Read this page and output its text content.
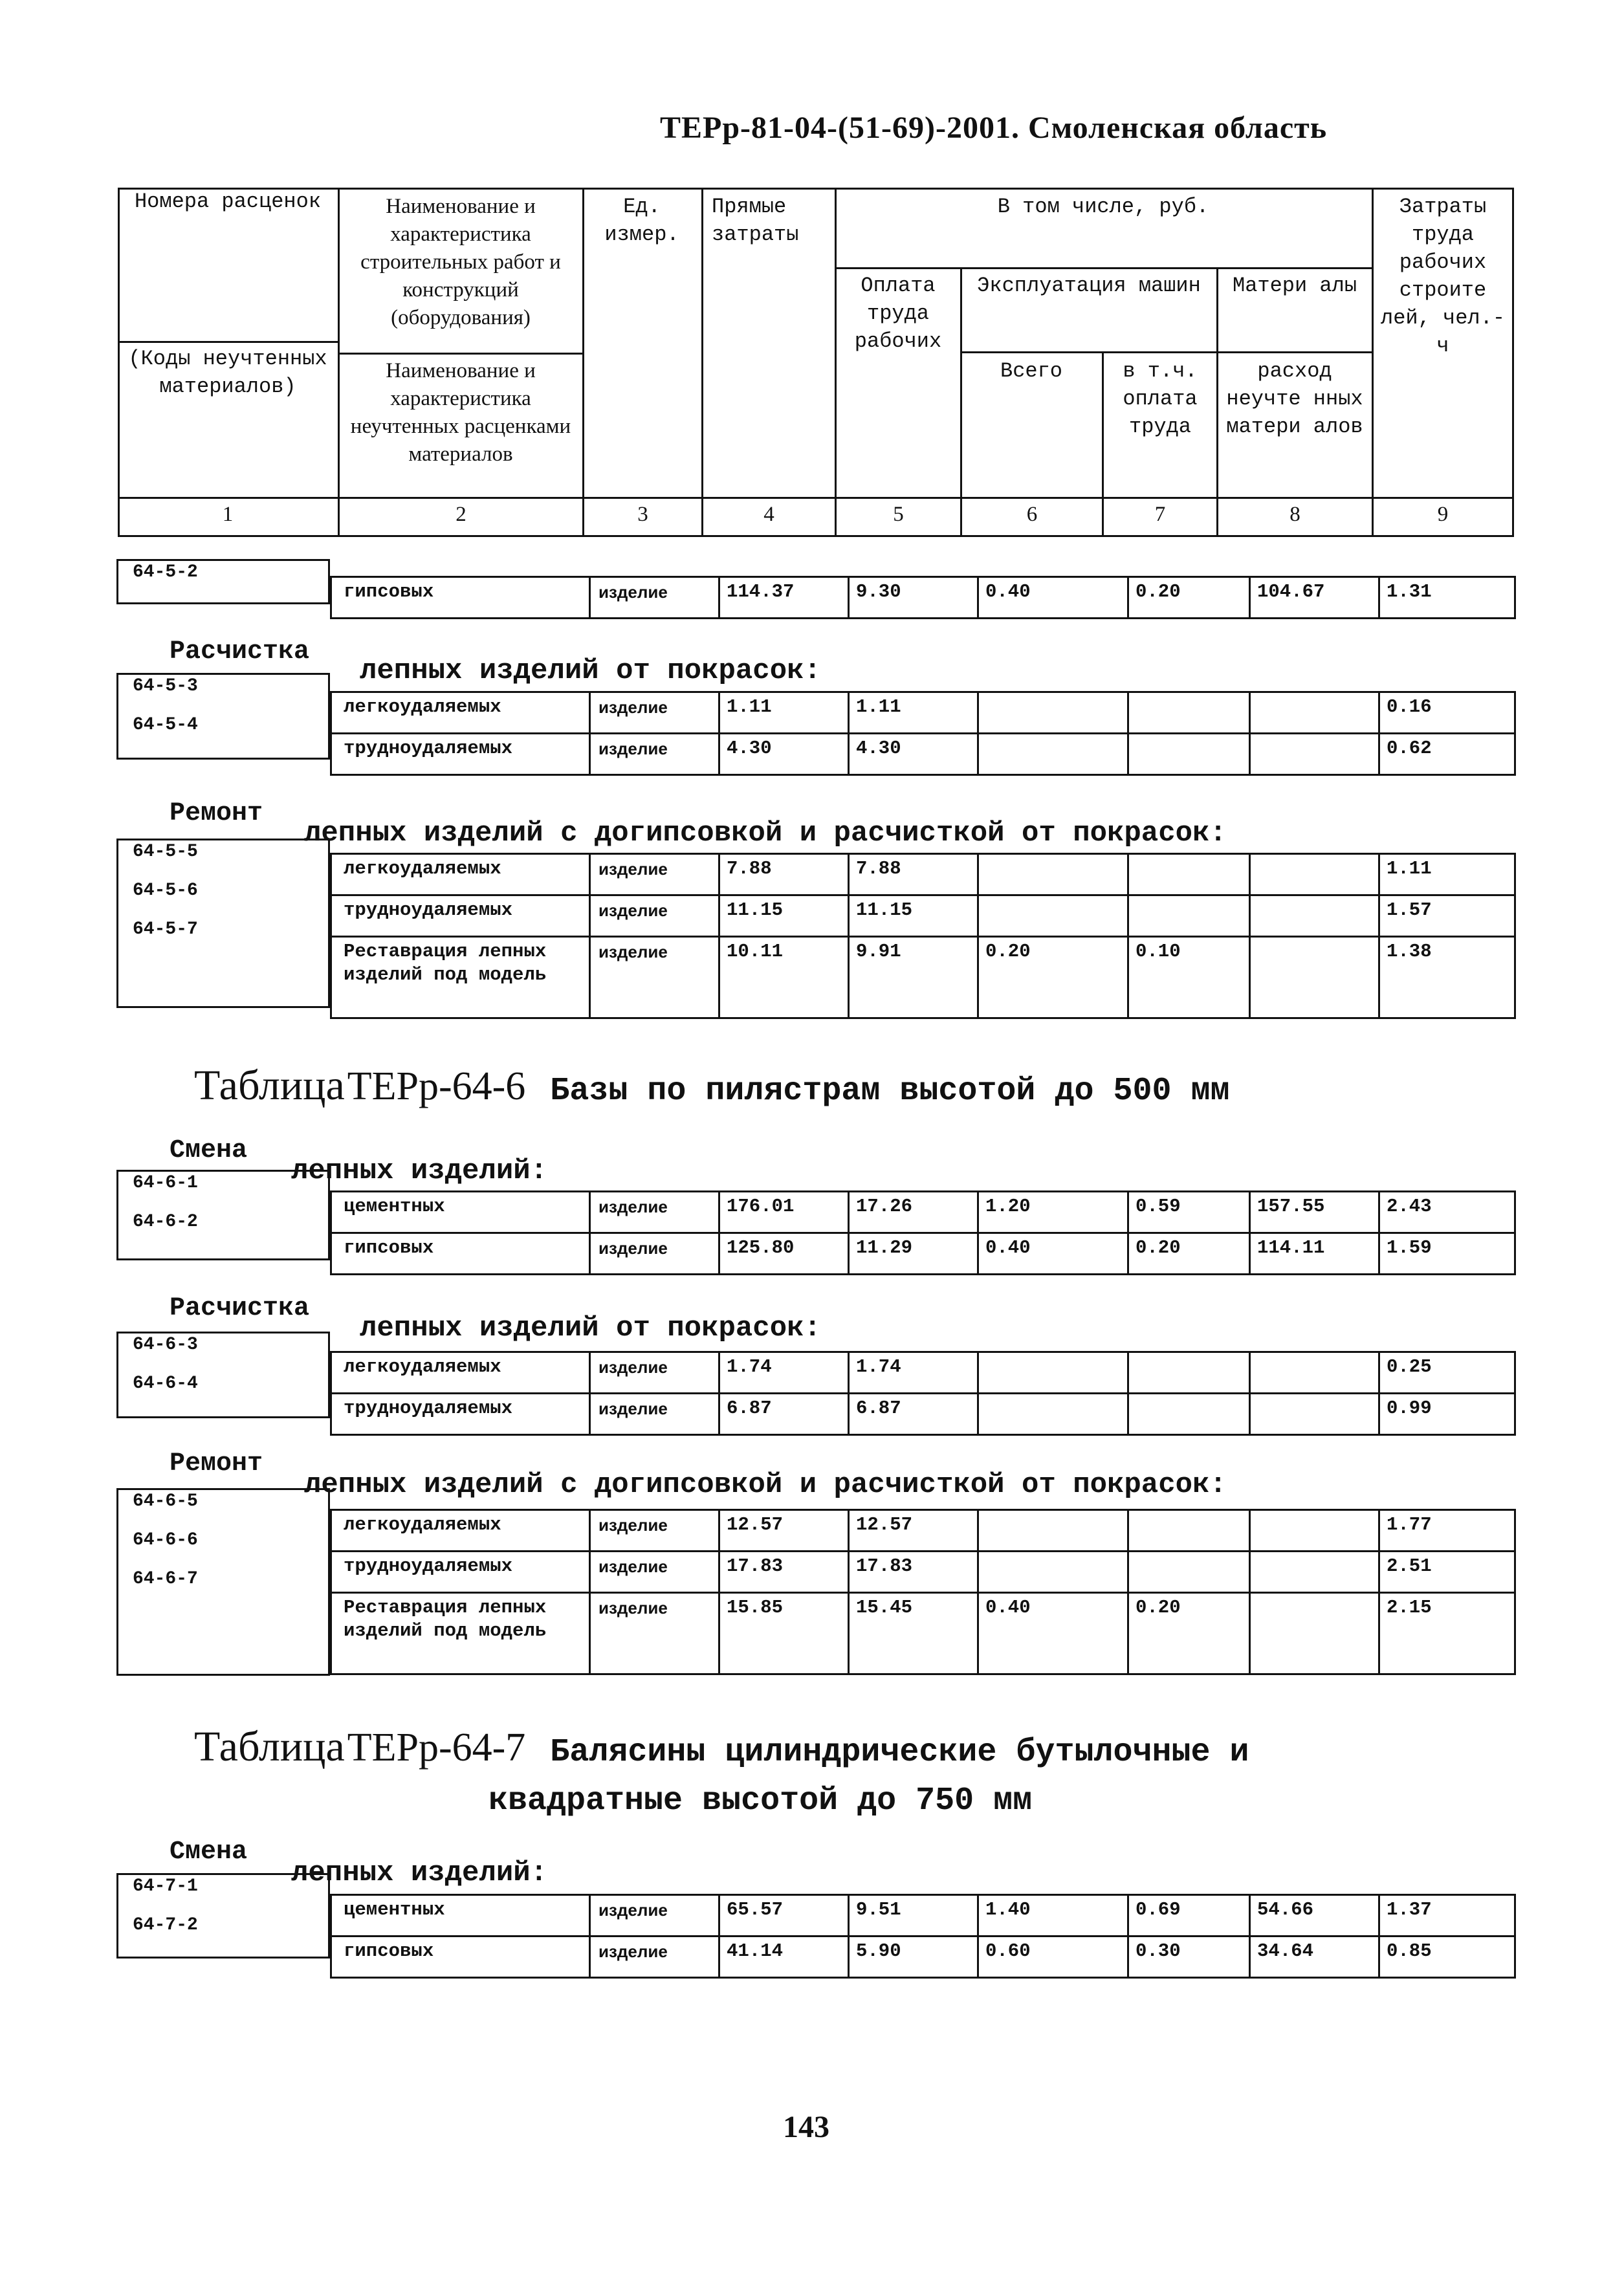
ТЕРр-81-04-(51-69)-2001. Смоленская область
Номера расценок
(Коды неучтенных материалов)
Наименование и характеристика строительных работ и конструкций (оборудования)
Наименование и характеристика неучтенных расценками материалов
Ед. измер.
Прямые затраты
В том числе, руб.
Оплата труда рабочих
Эксплуатация машин
Всего	в т.ч. оплата труда
Матери алы
расход неучте нных матери алов
Затраты труда рабочих строите лей, чел.-ч
1	2	3	4	5	6	7	8	9
64-5-2
гипсовых	изделие	114.37	9.30	0.40	0.20	104.67	1.31
Расчистка
лепных изделий от покрасок:
64-5-3
64-5-4
легкоудаляемых	изделие	1.11	1.11				0.16
трудноудаляемых	изделие	4.30	4.30				0.62
Ремонт
лепных изделий с догипсовкой и расчисткой от покрасок:
64-5-5
64-5-6
64-5-7
легкоудаляемых	изделие	7.88	7.88				1.11
трудноудаляемых	изделие	11.15	11.15				1.57
Реставрация лепных изделий под модель	изделие	10.11	9.91	0.20	0.10		1.38
Таблица ТЕРр-64-6 Базы по пилястрам высотой до 500 мм
Смена
лепных изделий:
64-6-1
64-6-2
цементных	изделие	176.01	17.26	1.20	0.59	157.55	2.43
гипсовых	изделие	125.80	11.29	0.40	0.20	114.11	1.59
Расчистка
лепных изделий от покрасок:
64-6-3
64-6-4
легкоудаляемых	изделие	1.74	1.74				0.25
трудноудаляемых	изделие	6.87	6.87				0.99
Ремонт
лепных изделий с догипсовкой и расчисткой от покрасок:
64-6-5
64-6-6
64-6-7
легкоудаляемых	изделие	12.57	12.57				1.77
трудноудаляемых	изделие	17.83	17.83				2.51
Реставрация лепных изделий под модель	изделие	15.85	15.45	0.40	0.20		2.15
Таблица ТЕРр-64-7 Балясины цилиндрические бутылочные и
квадратные высотой до 750 мм
Смена
лепных изделий:
64-7-1
64-7-2
цементных	изделие	65.57	9.51	1.40	0.69	54.66	1.37
гипсовых	изделие	41.14	5.90	0.60	0.30	34.64	0.85
143
